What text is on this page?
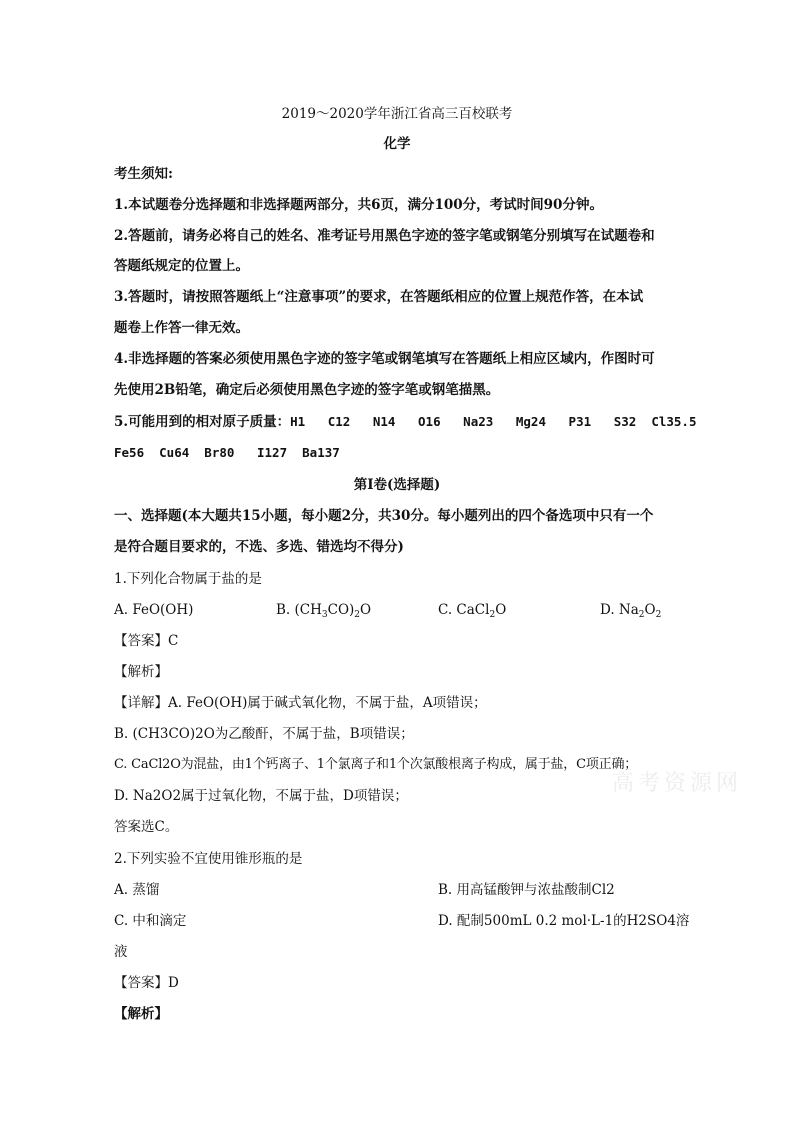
2019～2020学年浙江省高三百校联考
化学
考生须知:
1.本试题卷分选择题和非选择题两部分，共6页，满分100分，考试时间90分钟。
2.答题前，请务必将自己的姓名、准考证号用黑色字迹的签字笔或钢笔分别填写在试题卷和
答题纸规定的位置上。
3.答题时，请按照答题纸上“注意事项”的要求，在答题纸相应的位置上规范作答，在本试
题卷上作答一律无效。
4.非选择题的答案必须使用黑色字迹的签字笔或钢笔填写在答题纸上相应区域内，作图时可
先使用2B铅笔，确定后必须使用黑色字迹的签字笔或钢笔描黑。
5.可能用到的相对原子质量：H1   C12   N14   O16   Na23   Mg24   P31   S32  Cl35.5
Fe56  Cu64  Br80   I127  Ba137
第I卷(选择题)
一、选择题(本大题共15小题，每小题2分，共30分。每小题列出的四个备选项中只有一个
是符合题目要求的，不选、多选、错选均不得分)
1.下列化合物属于盐的是
A. FeO(OH)	B. $(CH_3CO)_2O$	C. CaCl$_2$O	D. $Na_2O_2$
【答案】C
【解析】
【详解】A. FeO(OH)属于碱式氧化物，不属于盐，A项错误；
B. (CH3CO)2O为乙酸酐，不属于盐，B项错误；
C. CaCl2O为混盐，由1个钙离子、1个氯离子和1个次氯酸根离子构成，属于盐，C项正确；
D. Na2O2属于过氧化物，不属于盐，D项错误；
答案选C。
2.下列实验不宜使用锥形瓶的是
A. 蒸馏	B. 用高锰酸钾与浓盐酸制Cl2
C. 中和滴定	D. 配制500mL 0.2 mol·L-1的H2SO4溶
液
【答案】D
【解析】
高考资源网
